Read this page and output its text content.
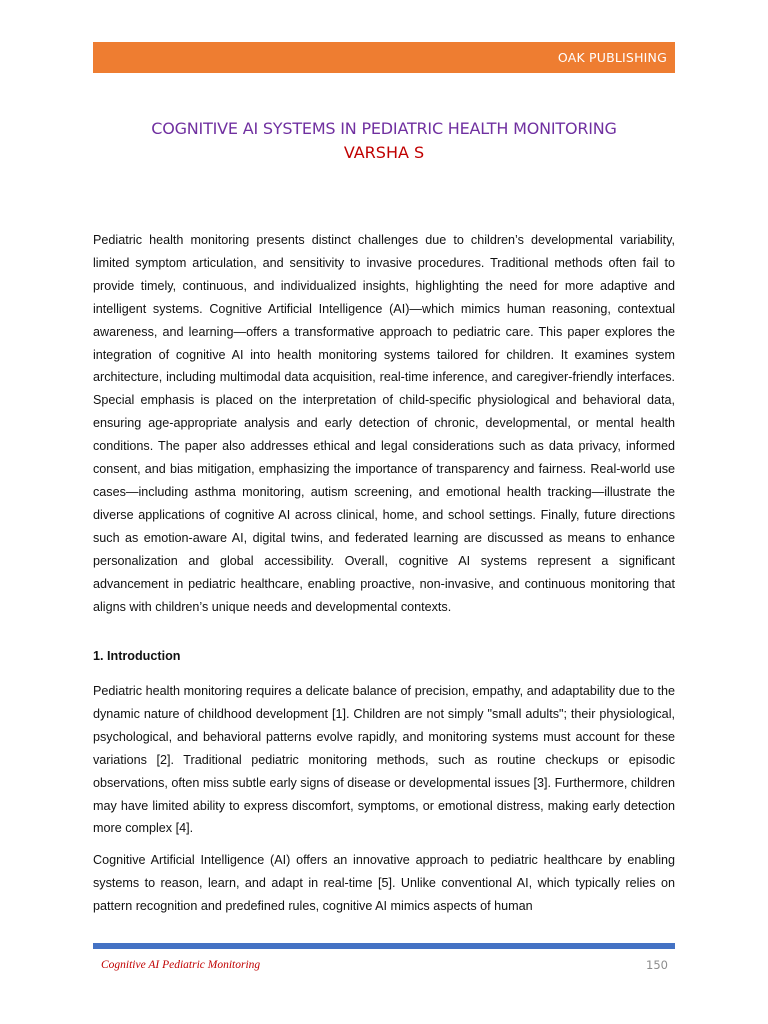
OAK PUBLISHING
COGNITIVE AI SYSTEMS IN PEDIATRIC HEALTH MONITORING
VARSHA S

Pediatric health monitoring presents distinct challenges due to children’s developmental variability, limited symptom articulation, and sensitivity to invasive procedures. Traditional methods often fail to provide timely, continuous, and individualized insights, highlighting the need for more adaptive and intelligent systems. Cognitive Artificial Intelligence (AI)—which mimics human reasoning, contextual awareness, and learning—offers a transformative approach to pediatric care. This paper explores the integration of cognitive AI into health monitoring systems tailored for children. It examines system architecture, including multimodal data acquisition, real-time inference, and caregiver-friendly interfaces. Special emphasis is placed on the interpretation of child-specific physiological and behavioral data, ensuring age-appropriate analysis and early detection of chronic, developmental, or mental health conditions. The paper also addresses ethical and legal considerations such as data privacy, informed consent, and bias mitigation, emphasizing the importance of transparency and fairness. Real-world use cases—including asthma monitoring, autism screening, and emotional health tracking—illustrate the diverse applications of cognitive AI across clinical, home, and school settings. Finally, future directions such as emotion-aware AI, digital twins, and federated learning are discussed as means to enhance personalization and global accessibility. Overall, cognitive AI systems represent a significant advancement in pediatric healthcare, enabling proactive, non-invasive, and continuous monitoring that aligns with children’s unique needs and developmental contexts.

1. Introduction

Pediatric health monitoring requires a delicate balance of precision, empathy, and adaptability due to the dynamic nature of childhood development [1]. Children are not simply "small adults"; their physiological, psychological, and behavioral patterns evolve rapidly, and monitoring systems must account for these variations [2]. Traditional pediatric monitoring methods, such as routine checkups or episodic observations, often miss subtle early signs of disease or developmental issues [3]. Furthermore, children may have limited ability to express discomfort, symptoms, or emotional distress, making early detection more complex [4].

Cognitive Artificial Intelligence (AI) offers an innovative approach to pediatric healthcare by enabling systems to reason, learn, and adapt in real-time [5]. Unlike conventional AI, which typically relies on pattern recognition and predefined rules, cognitive AI mimics aspects of human

Cognitive AI Pediatric Monitoring	150
